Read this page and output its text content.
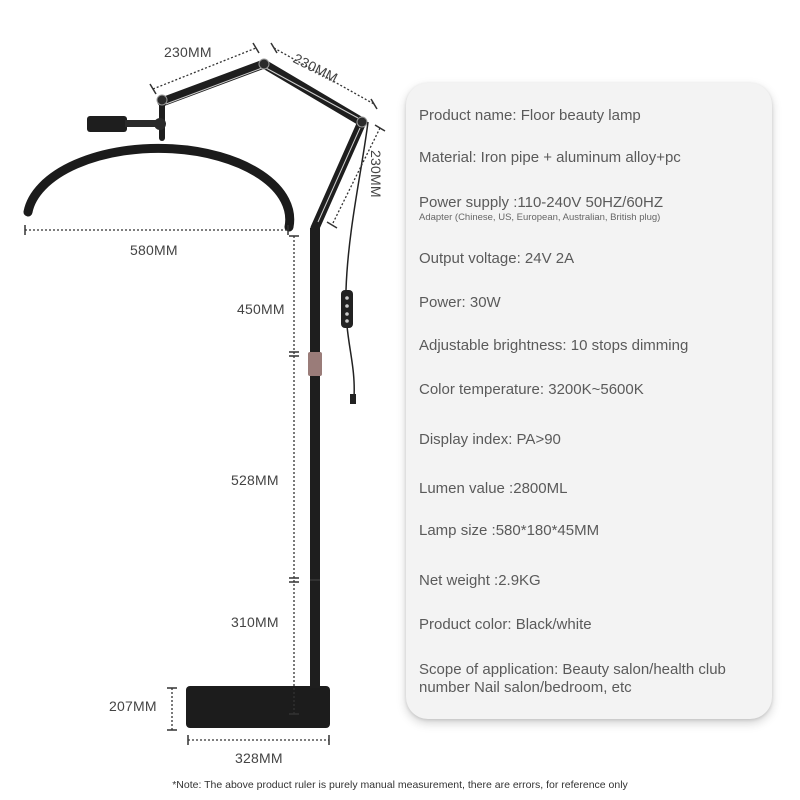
230MM	230MM
230MM
580MM
450MM
528MM
310MM
207MM
328MM
Product name: Floor beauty lamp
Material: Iron pipe + aluminum alloy+pc
Power supply :110-240V 50HZ/60HZ
Adapter (Chinese, US, European, Australian, British plug)
Output voltage: 24V 2A
Power: 30W
Adjustable brightness: 10 stops dimming
Color temperature: 3200K~5600K
Display index: PA>90
Lumen value :2800ML
Lamp size :580*180*45MM
Net weight :2.9KG
Product color: Black/white
Scope of application: Beauty salon/health club number Nail salon/bedroom, etc
*Note: The above product ruler is purely manual measurement, there are errors, for reference only
